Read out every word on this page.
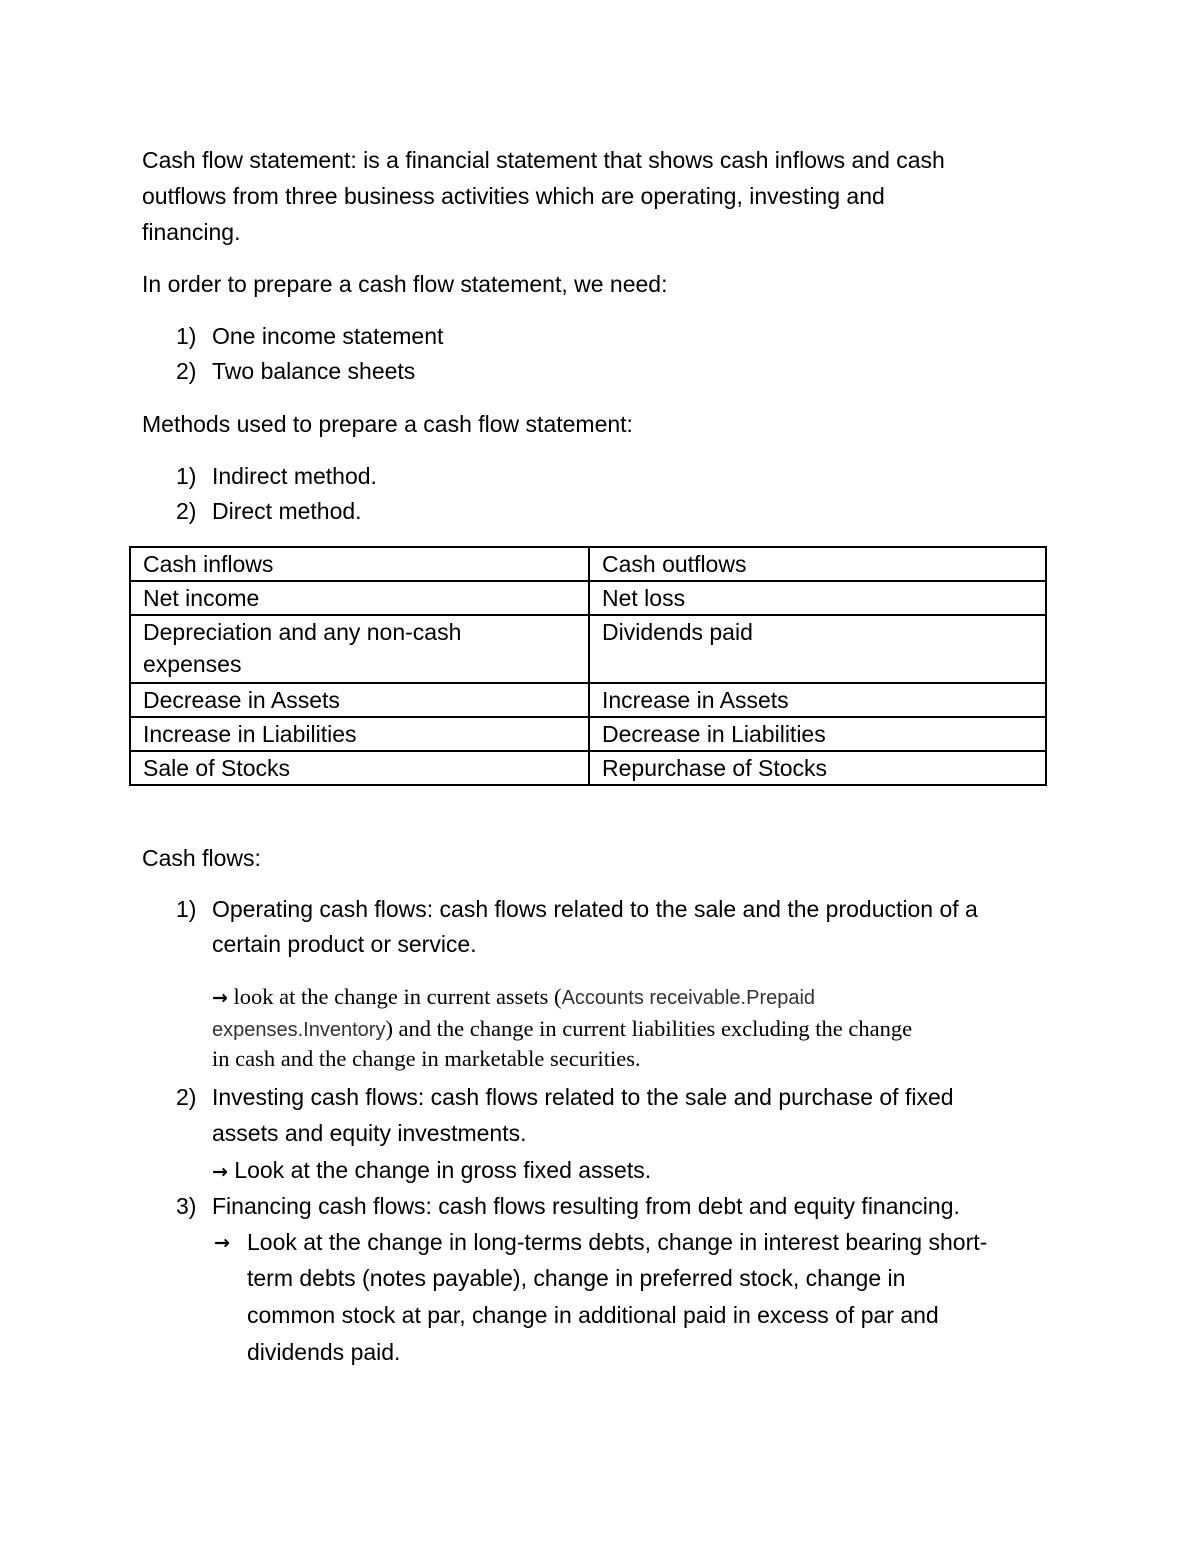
Cash flow statement: is a financial statement that shows cash inflows and cash

outflows from three business activities which are operating, investing and

financing.

In order to prepare a cash flow statement, we need:

1) One income statement
2) Two balance sheets

Methods used to prepare a cash flow statement:

1) Indirect method.
2) Direct method.
Cash inflows	Cash outflows
Net income	Net loss

Depreciation and any non-cash
expenses	Dividends paid
Decrease in Assets	Increase in Assets
Increase in Liabilities	Decrease in Liabilities
Sale of Stocks	Repurchase of Stocks

Cash flows:

1) Operating cash flows: cash flows related to the sale and the production of a
certain product or service.
→ look at the change in current assets (Accounts receivable.Prepaid
expenses.Inventory) and the change in current liabilities excluding the change
in cash and the change in marketable securities.
2) Investing cash flows: cash flows related to the sale and purchase of fixed
assets and equity investments.
→ Look at the change in gross fixed assets.
3) Financing cash flows: cash flows resulting from debt and equity financing.
→ Look at the change in long-terms debts, change in interest bearing short-
term debts (notes payable), change in preferred stock, change in
common stock at par, change in additional paid in excess of par and
dividends paid.
